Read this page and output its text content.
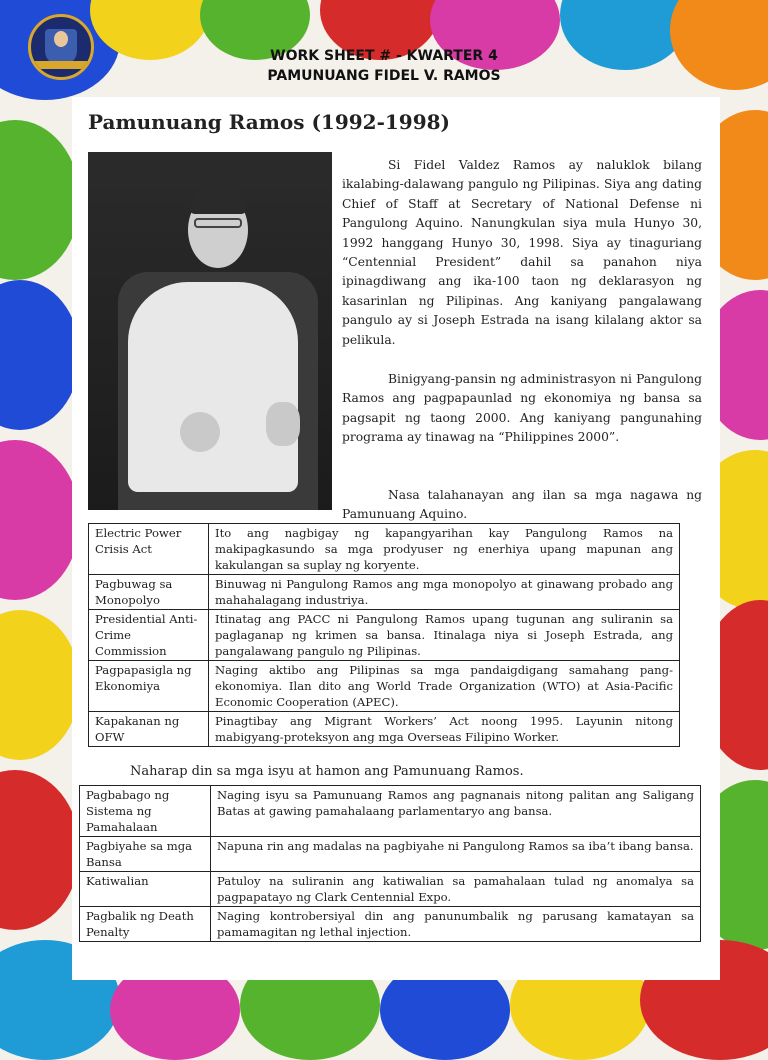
WORK SHEET # - KWARTER 4
PAMUNUANG FIDEL V. RAMOS
Pamunuang Ramos (1992-1998)

Si Fidel Valdez Ramos ay naluklok bilang ikalabing-dalawang pangulo ng Pilipinas. Siya ang dating Chief of Staff at Secretary of National Defense ni Pangulong Aquino. Nanungkulan siya mula Hunyo 30, 1992 hanggang Hunyo 30, 1998. Siya ay tinaguriang “Centennial President” dahil sa panahon niya ipinagdiwang ang ika-100 taon ng deklarasyon ng kasarinlan ng Pilipinas. Ang kaniyang pangalawang pangulo ay si Joseph Estrada na isang kilalang aktor sa pelikula.

Binigyang-pansin ng administrasyon ni Pangulong Ramos ang pagpapaunlad ng ekonomiya ng bansa sa pagsapit ng taong 2000. Ang kaniyang pangunahing programa ay tinawag na “Philippines 2000”.

Nasa talahanayan ang ilan sa mga nagawa ng Pamunuang Aquino.

Electric Power Crisis Act	Ito ang nagbigay ng kapangyarihan kay Pangulong Ramos na makipagkasundo sa mga prodyuser ng enerhiya upang mapunan ang kakulangan sa suplay ng koryente.
Pagbuwag sa Monopolyo	Binuwag ni Pangulong Ramos ang mga monopolyo at ginawang probado ang mahahalagang industriya.
Presidential Anti-Crime Commission	Itinatag ang PACC ni Pangulong Ramos upang tugunan ang suliranin sa paglaganap ng krimen sa bansa. Itinalaga niya si Joseph Estrada, ang pangalawang pangulo ng Pilipinas.
Pagpapasigla ng Ekonomiya	Naging aktibo ang Pilipinas sa mga pandaigdigang samahang pang-ekonomiya. Ilan dito ang World Trade Organization (WTO) at Asia-Pacific Economic Cooperation (APEC).
Kapakanan ng OFW	Pinagtibay ang Migrant Workers’ Act noong 1995. Layunin nitong mabigyang-proteksyon ang mga Overseas Filipino Worker.
Naharap din sa mga isyu at hamon ang Pamunuang Ramos.
Pagbabago ng Sistema ng Pamahalaan	Naging isyu sa Pamunuang Ramos ang pagnanais nitong palitan ang Saligang Batas at gawing pamahalaang parlamentaryo ang bansa.
Pagbiyahe sa mga Bansa	Napuna rin ang madalas na pagbiyahe ni Pangulong Ramos sa iba’t ibang bansa.
Katiwalian	Patuloy na suliranin ang katiwalian sa pamahalaan tulad ng anomalya sa pagpapatayo ng Clark Centennial Expo.
Pagbalik ng Death Penalty	Naging kontrobersiyal din ang panunumbalik ng parusang kamatayan sa pamamagitan ng lethal injection.
